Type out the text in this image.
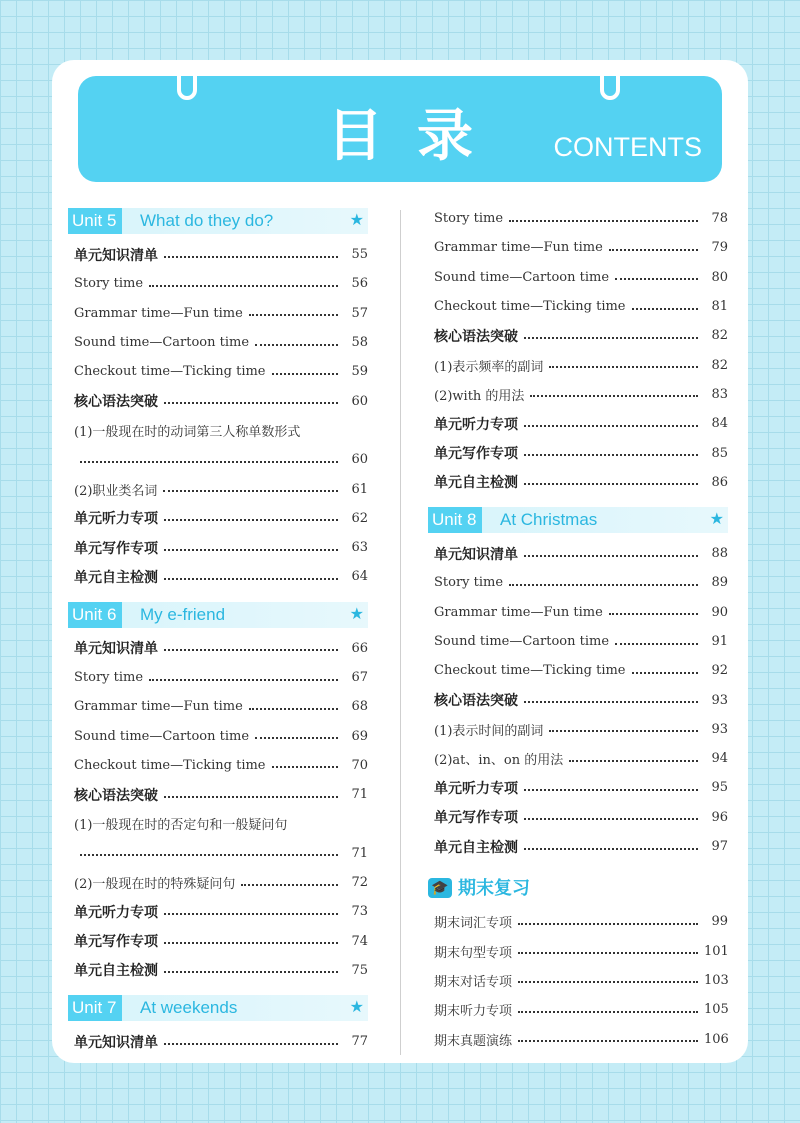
目录	CONTENTS
Unit 5	What do they do?	★
单元知识清单	55
Story time	56
Grammar time—Fun time	57
Sound time—Cartoon time	58
Checkout time—Ticking time	59
核心语法突破	60
(1)一般现在时的动词第三人称单数形式
60
(2)职业类名词	61
单元听力专项	62
单元写作专项	63
单元自主检测	64
Unit 6	My e-friend	★
单元知识清单	66
Story time	67
Grammar time—Fun time	68
Sound time—Cartoon time	69
Checkout time—Ticking time	70
核心语法突破	71
(1)一般现在时的否定句和一般疑问句
71
(2)一般现在时的特殊疑问句	72
单元听力专项	73
单元写作专项	74
单元自主检测	75
Unit 7	At weekends	★
单元知识清单	77
Story time	78
Grammar time—Fun time	79
Sound time—Cartoon time	80
Checkout time—Ticking time	81
核心语法突破	82
(1)表示频率的副词	82
(2)with 的用法	83
单元听力专项	84
单元写作专项	85
单元自主检测	86
Unit 8	At Christmas	★
单元知识清单	88
Story time	89
Grammar time—Fun time	90
Sound time—Cartoon time	91
Checkout time—Ticking time	92
核心语法突破	93
(1)表示时间的副词	93
(2)at、in、on 的用法	94
单元听力专项	95
单元写作专项	96
单元自主检测	97
🎓 期末复习
期末词汇专项	99
期末句型专项	101
期末对话专项	103
期末听力专项	105
期末真题演练	106
